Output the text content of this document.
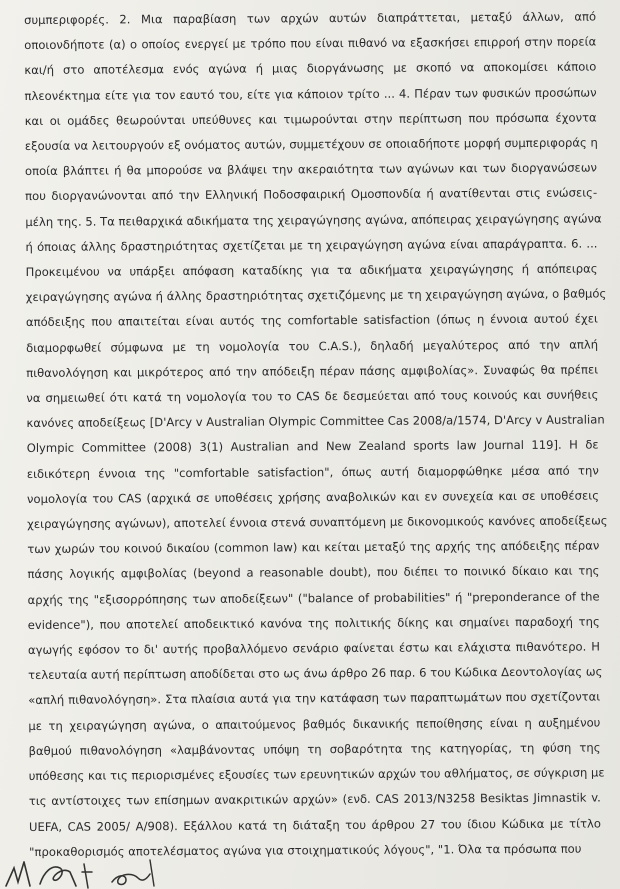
συμπεριφορές. 2. Μια παραβίαση των αρχών αυτών διαπράττεται, μεταξύ άλλων, από
οποιονδήποτε (α) ο οποίος ενεργεί με τρόπο που είναι πιθανό να εξασκήσει επιρροή στην πορεία
και/ή στο αποτέλεσμα ενός αγώνα ή μιας διοργάνωσης με σκοπό να αποκομίσει κάποιο
πλεονέκτημα είτε για τον εαυτό του, είτε για κάποιον τρίτο ... 4. Πέραν των φυσικών προσώπων
και οι ομάδες θεωρούνται υπεύθυνες και τιμωρούνται στην περίπτωση που πρόσωπα έχοντα
εξουσία να λειτουργούν εξ ονόματος αυτών, συμμετέχουν σε οποιαδήποτε μορφή συμπεριφοράς η
οποία βλάπτει ή θα μπορούσε να βλάψει την ακεραιότητα των αγώνων και των διοργανώσεων
που διοργανώνονται από την Ελληνική Ποδοσφαιρική Ομοσπονδία ή ανατίθενται στις ενώσεις-
μέλη της. 5. Τα πειθαρχικά αδικήματα της χειραγώγησης αγώνα, απόπειρας χειραγώγησης αγώνα
ή όποιας άλλης δραστηριότητας σχετίζεται με τη χειραγώγηση αγώνα είναι απαράγραπτα. 6. ...
Προκειμένου να υπάρξει απόφαση καταδίκης για τα αδικήματα χειραγώγησης ή απόπειρας
χειραγώγησης αγώνα ή άλλης δραστηριότητας σχετιζόμενης με τη χειραγώγηση αγώνα, ο βαθμός
απόδειξης που απαιτείται είναι αυτός της comfortable satisfaction (όπως η έννοια αυτού έχει
διαμορφωθεί σύμφωνα με τη νομολογία του C.A.S.), δηλαδή μεγαλύτερος από την απλή
πιθανολόγηση και μικρότερος από την απόδειξη πέραν πάσης αμφιβολίας». Συναφώς θα πρέπει
να σημειωθεί ότι κατά τη νομολογία του το CAS δε δεσμεύεται από τους κοινούς και συνήθεις
κανόνες αποδείξεως [D'Arcy v Australian Olympic Committee Cas 2008/a/1574, D'Arcy v Australian
Olympic Committee (2008) 3(1) Australian and New Zealand sports law Journal 119]. Η δε
ειδικότερη έννοια της "comfortable satisfaction", όπως αυτή διαμορφώθηκε μέσα από την
νομολογία του CAS (αρχικά σε υποθέσεις χρήσης αναβολικών και εν συνεχεία και σε υποθέσεις
χειραγώγησης αγώνων), αποτελεί έννοια στενά συναπτόμενη με δικονομικούς κανόνες αποδείξεως
των χωρών του κοινού δικαίου (common law) και κείται μεταξύ της αρχής της απόδειξης πέραν
πάσης λογικής αμφιβολίας (beyond a reasonable doubt), που διέπει το ποινικό δίκαιο και της
αρχής της "εξισορρόπησης των αποδείξεων" ("balance of probabilities" ή "preponderance of the
evidence"), που αποτελεί αποδεικτικό κανόνα της πολιτικής δίκης και σημαίνει παραδοχή της
αγωγής εφόσον το δι' αυτής προβαλλόμενο σενάριο φαίνεται έστω και ελάχιστα πιθανότερο. Η
τελευταία αυτή περίπτωση αποδίδεται στο ως άνω άρθρο 26 παρ. 6 του Κώδικα Δεοντολογίας ως
«απλή πιθανολόγηση». Στα πλαίσια αυτά για την κατάφαση των παραπτωμάτων που σχετίζονται
με τη χειραγώγηση αγώνα, ο απαιτούμενος βαθμός δικανικής πεποίθησης είναι η αυξημένου
βαθμού πιθανολόγηση «λαμβάνοντας υπόψη τη σοβαρότητα της κατηγορίας, τη φύση της
υπόθεσης και τις περιορισμένες εξουσίες των ερευνητικών αρχών του αθλήματος, σε σύγκριση με
τις αντίστοιχες των επίσημων ανακριτικών αρχών» (ενδ. CAS 2013/N3258 Besiktas Jimnastik v.
UEFA, CAS 2005/ A/908). Εξάλλου κατά τη διάταξη του άρθρου 27 του ίδιου Κώδικα με τίτλο
"προκαθορισμός αποτελέσματος αγώνα για στοιχηματικούς λόγους", "1. Όλα τα πρόσωπα που
